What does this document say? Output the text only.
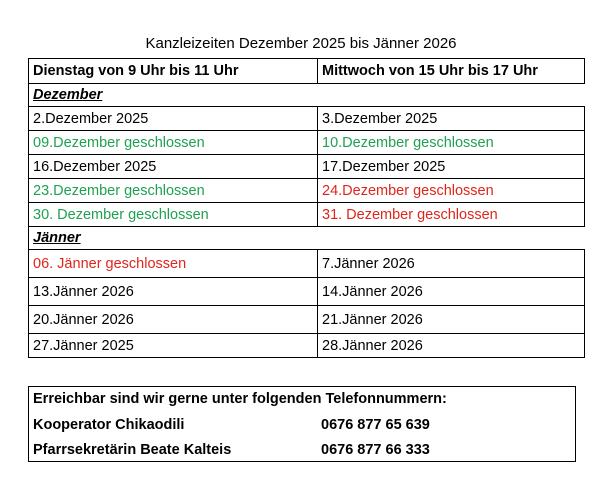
Kanzleizeiten Dezember 2025 bis Jänner 2026
Dienstag von 9 Uhr bis 11 Uhr	Mittwoch von 15 Uhr bis 17 Uhr
Dezember	
2.Dezember 2025	3.Dezember 2025
09.Dezember geschlossen	10.Dezember geschlossen
16.Dezember 2025	17.Dezember 2025
23.Dezember geschlossen	24.Dezember geschlossen
30. Dezember geschlossen	31. Dezember geschlossen
Jänner	
06. Jänner geschlossen	7.Jänner 2026
13.Jänner 2026	14.Jänner 2026
20.Jänner 2026	21.Jänner 2026
27.Jänner 2025	28.Jänner 2026
Erreichbar sind wir gerne unter folgenden Telefonnummern:
Kooperator Chikaodili	0676 877 65 639
Pfarrsekretärin Beate Kalteis	0676 877 66 333
